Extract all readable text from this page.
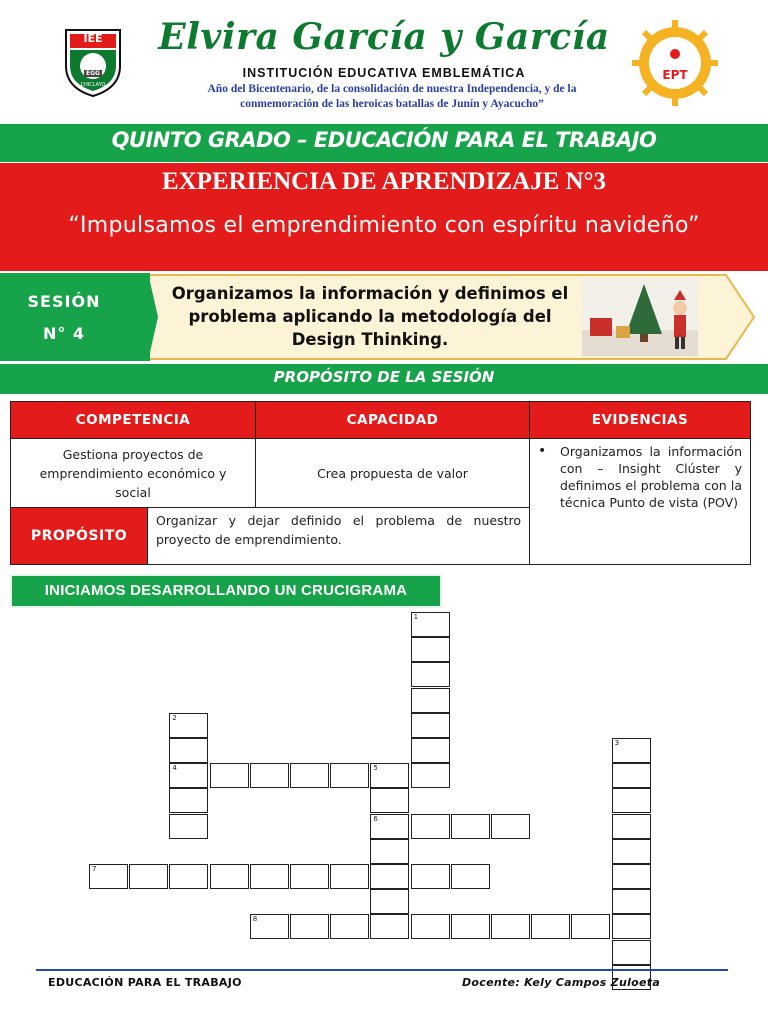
IEE
EGG
CHICLAYO
Elvira García y García
INSTITUCIÓN EDUCATIVA EMBLEMÁTICA
Año del Bicentenario, de la consolidación de nuestra Independencia, y de la conmemoración de las heroicas batallas de Junín y Ayacucho”
EPT
QUINTO GRADO – EDUCACIÓN PARA EL TRABAJO
EXPERIENCIA DE APRENDIZAJE N°3
“Impulsamos el emprendimiento con espíritu navideño”
SESIÓN
N° 4
Organizamos la información y definimos el problema aplicando la metodología del Design Thinking.
PROPÓSITO DE LA SESIÓN
COMPETENCIA	CAPACIDAD	EVIDENCIAS

Gestiona proyectos de emprendimiento económico y social	Crea propuesta de valor	• Organizamos la información con – Insight Clúster y definimos el problema con la técnica Punto de vista (POV)

PROPÓSITO
Organizar y dejar definido el problema de nuestro proyecto de emprendimiento.		
INICIAMOS DESARROLLANDO UN CRUCIGRAMA
1
2
4
3
5
6
7
8
EDUCACIÓN PARA EL TRABAJO	Docente: Kely Campos Zuloeta
